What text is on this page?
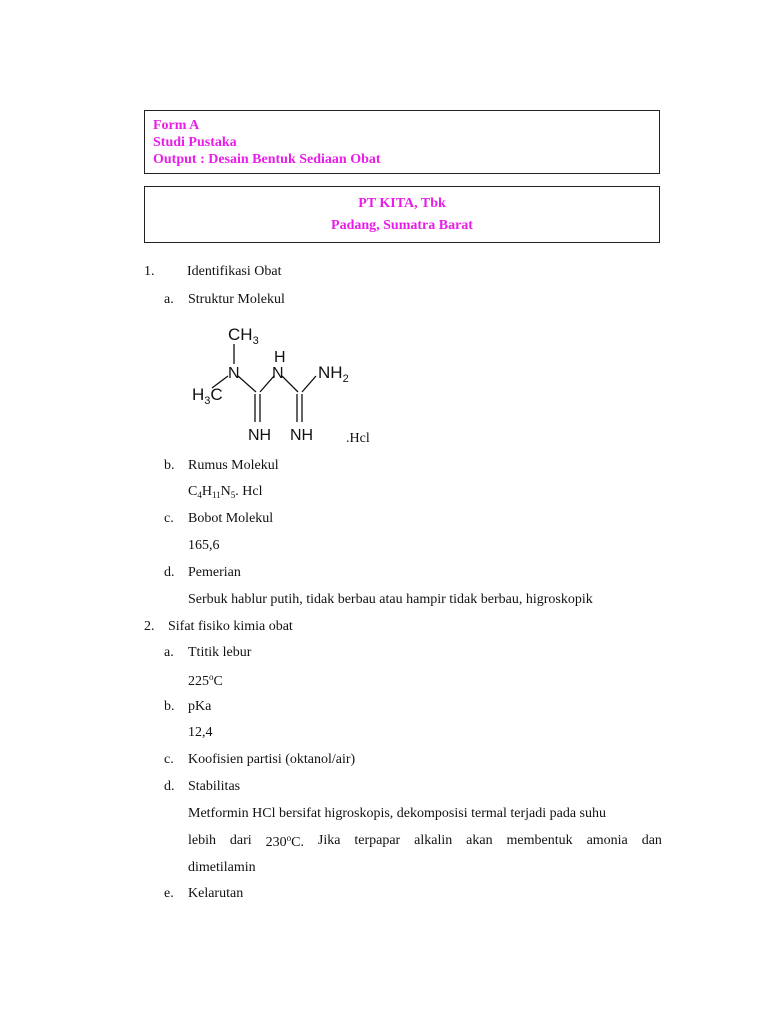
Form A
Studi Pustaka
Output : Desain Bentuk Sediaan Obat
PT KITA, Tbk
Padang, Sumatra Barat
1. Identifikasi Obat
a. Struktur Molekul
$CH_3$
H
N N $NH_2$
$H_3C$
NH NH .Hcl
b. Rumus Molekul
$C_4H_{11}N_5$. Hcl
c. Bobot Molekul
165,6
d. Pemerian
Serbuk hablur putih, tidak berbau atau hampir tidak berbau, higroskopik
2. Sifat fisiko kimia obat
a. Ttitik lebur
225$^o$C
b. pKa
12,4
c. Koofisien partisi (oktanol/air)
d. Stabilitas
Metformin HCl bersifat higroskopis, dekomposisi termal terjadi pada suhu
lebih dari 230$^o$C. Jika terpapar alkalin akan membentuk amonia dan
dimetilamin
e. Kelarutan
